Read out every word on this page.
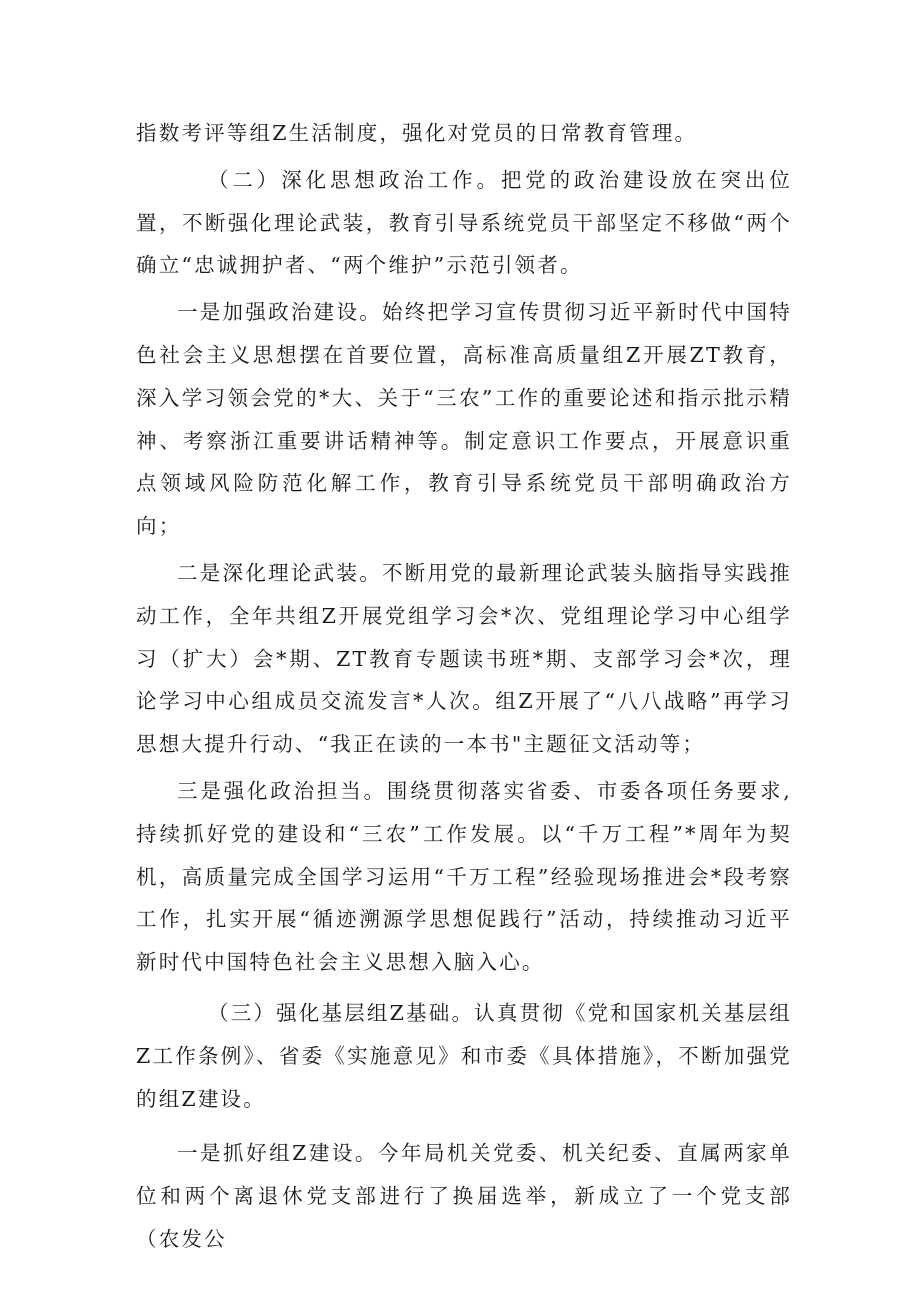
指数考评等组Z生活制度，强化对党员的日常教育管理。

（二）深化思想政治工作。把党的政治建设放在突出位置，不断强化理论武装，教育引导系统党员干部坚定不移做“两个确立“忠诚拥护者、“两个维护”示范引领者。

一是加强政治建设。始终把学习宣传贯彻习近平新时代中国特色社会主义思想摆在首要位置，高标准高质量组Z开展ZT教育，深入学习领会党的*大、关于“三农”工作的重要论述和指示批示精神、考察浙江重要讲话精神等。制定意识工作要点，开展意识重点领域风险防范化解工作，教育引导系统党员干部明确政治方向；

二是深化理论武装。不断用党的最新理论武装头脑指导实践推动工作，全年共组Z开展党组学习会*次、党组理论学习中心组学习（扩大）会*期、ZT教育专题读书班*期、支部学习会*次，理论学习中心组成员交流发言*人次。组Z开展了“八八战略”再学习思想大提升行动、“我正在读的一本书"主题征文活动等；

三是强化政治担当。围绕贯彻落实省委、市委各项任务要求,持续抓好党的建设和“三农”工作发展。以“千万工程”*周年为契机，高质量完成全国学习运用“千万工程”经验现场推进会*段考察工作，扎实开展“循迹溯源学思想促践行”活动，持续推动习近平新时代中国特色社会主义思想入脑入心。

（三）强化基层组Z基础。认真贯彻《党和国家机关基层组Z工作条例》、省委《实施意见》和市委《具体措施》，不断加强党的组Z建设。

一是抓好组Z建设。今年局机关党委、机关纪委、直属两家单位和两个离退休党支部进行了换届选举，新成立了一个党支部（农发公
